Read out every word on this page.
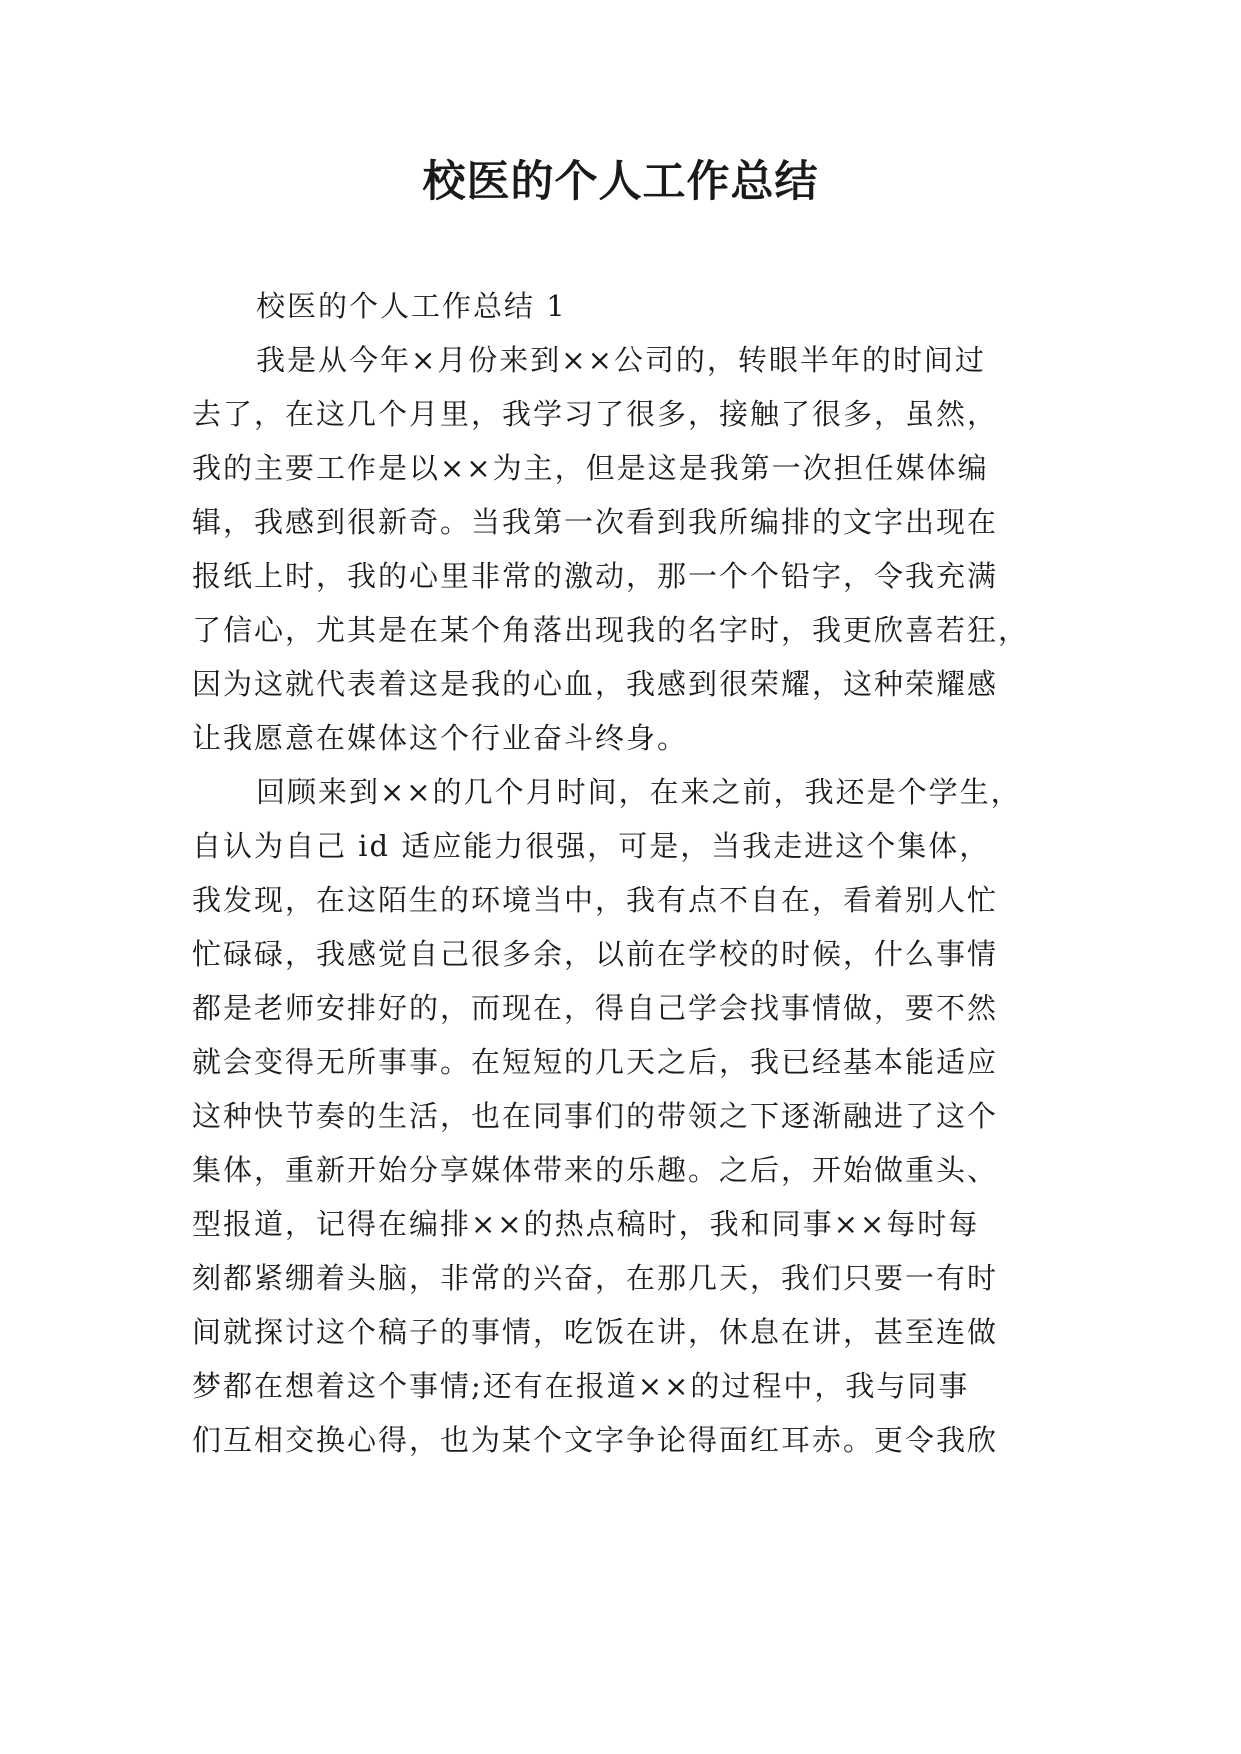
校医的个人工作总结
校医的个人工作总结 1
我是从今年×月份来到××公司的，转眼半年的时间过
去了，在这几个月里，我学习了很多，接触了很多，虽然，
我的主要工作是以××为主，但是这是我第一次担任媒体编
辑，我感到很新奇。当我第一次看到我所编排的文字出现在
报纸上时，我的心里非常的激动，那一个个铅字，令我充满
了信心，尤其是在某个角落出现我的名字时，我更欣喜若狂，
因为这就代表着这是我的心血，我感到很荣耀，这种荣耀感
让我愿意在媒体这个行业奋斗终身。
回顾来到××的几个月时间，在来之前，我还是个学生，
自认为自己 id 适应能力很强，可是，当我走进这个集体，
我发现，在这陌生的环境当中，我有点不自在，看着别人忙
忙碌碌，我感觉自己很多余，以前在学校的时候，什么事情
都是老师安排好的，而现在，得自己学会找事情做，要不然
就会变得无所事事。在短短的几天之后，我已经基本能适应
这种快节奏的生活，也在同事们的带领之下逐渐融进了这个
集体，重新开始分享媒体带来的乐趣。之后，开始做重头、
型报道，记得在编排××的热点稿时，我和同事××每时每
刻都紧绷着头脑，非常的兴奋，在那几天，我们只要一有时
间就探讨这个稿子的事情，吃饭在讲，休息在讲，甚至连做
梦都在想着这个事情;还有在报道××的过程中，我与同事
们互相交换心得，也为某个文字争论得面红耳赤。更令我欣
